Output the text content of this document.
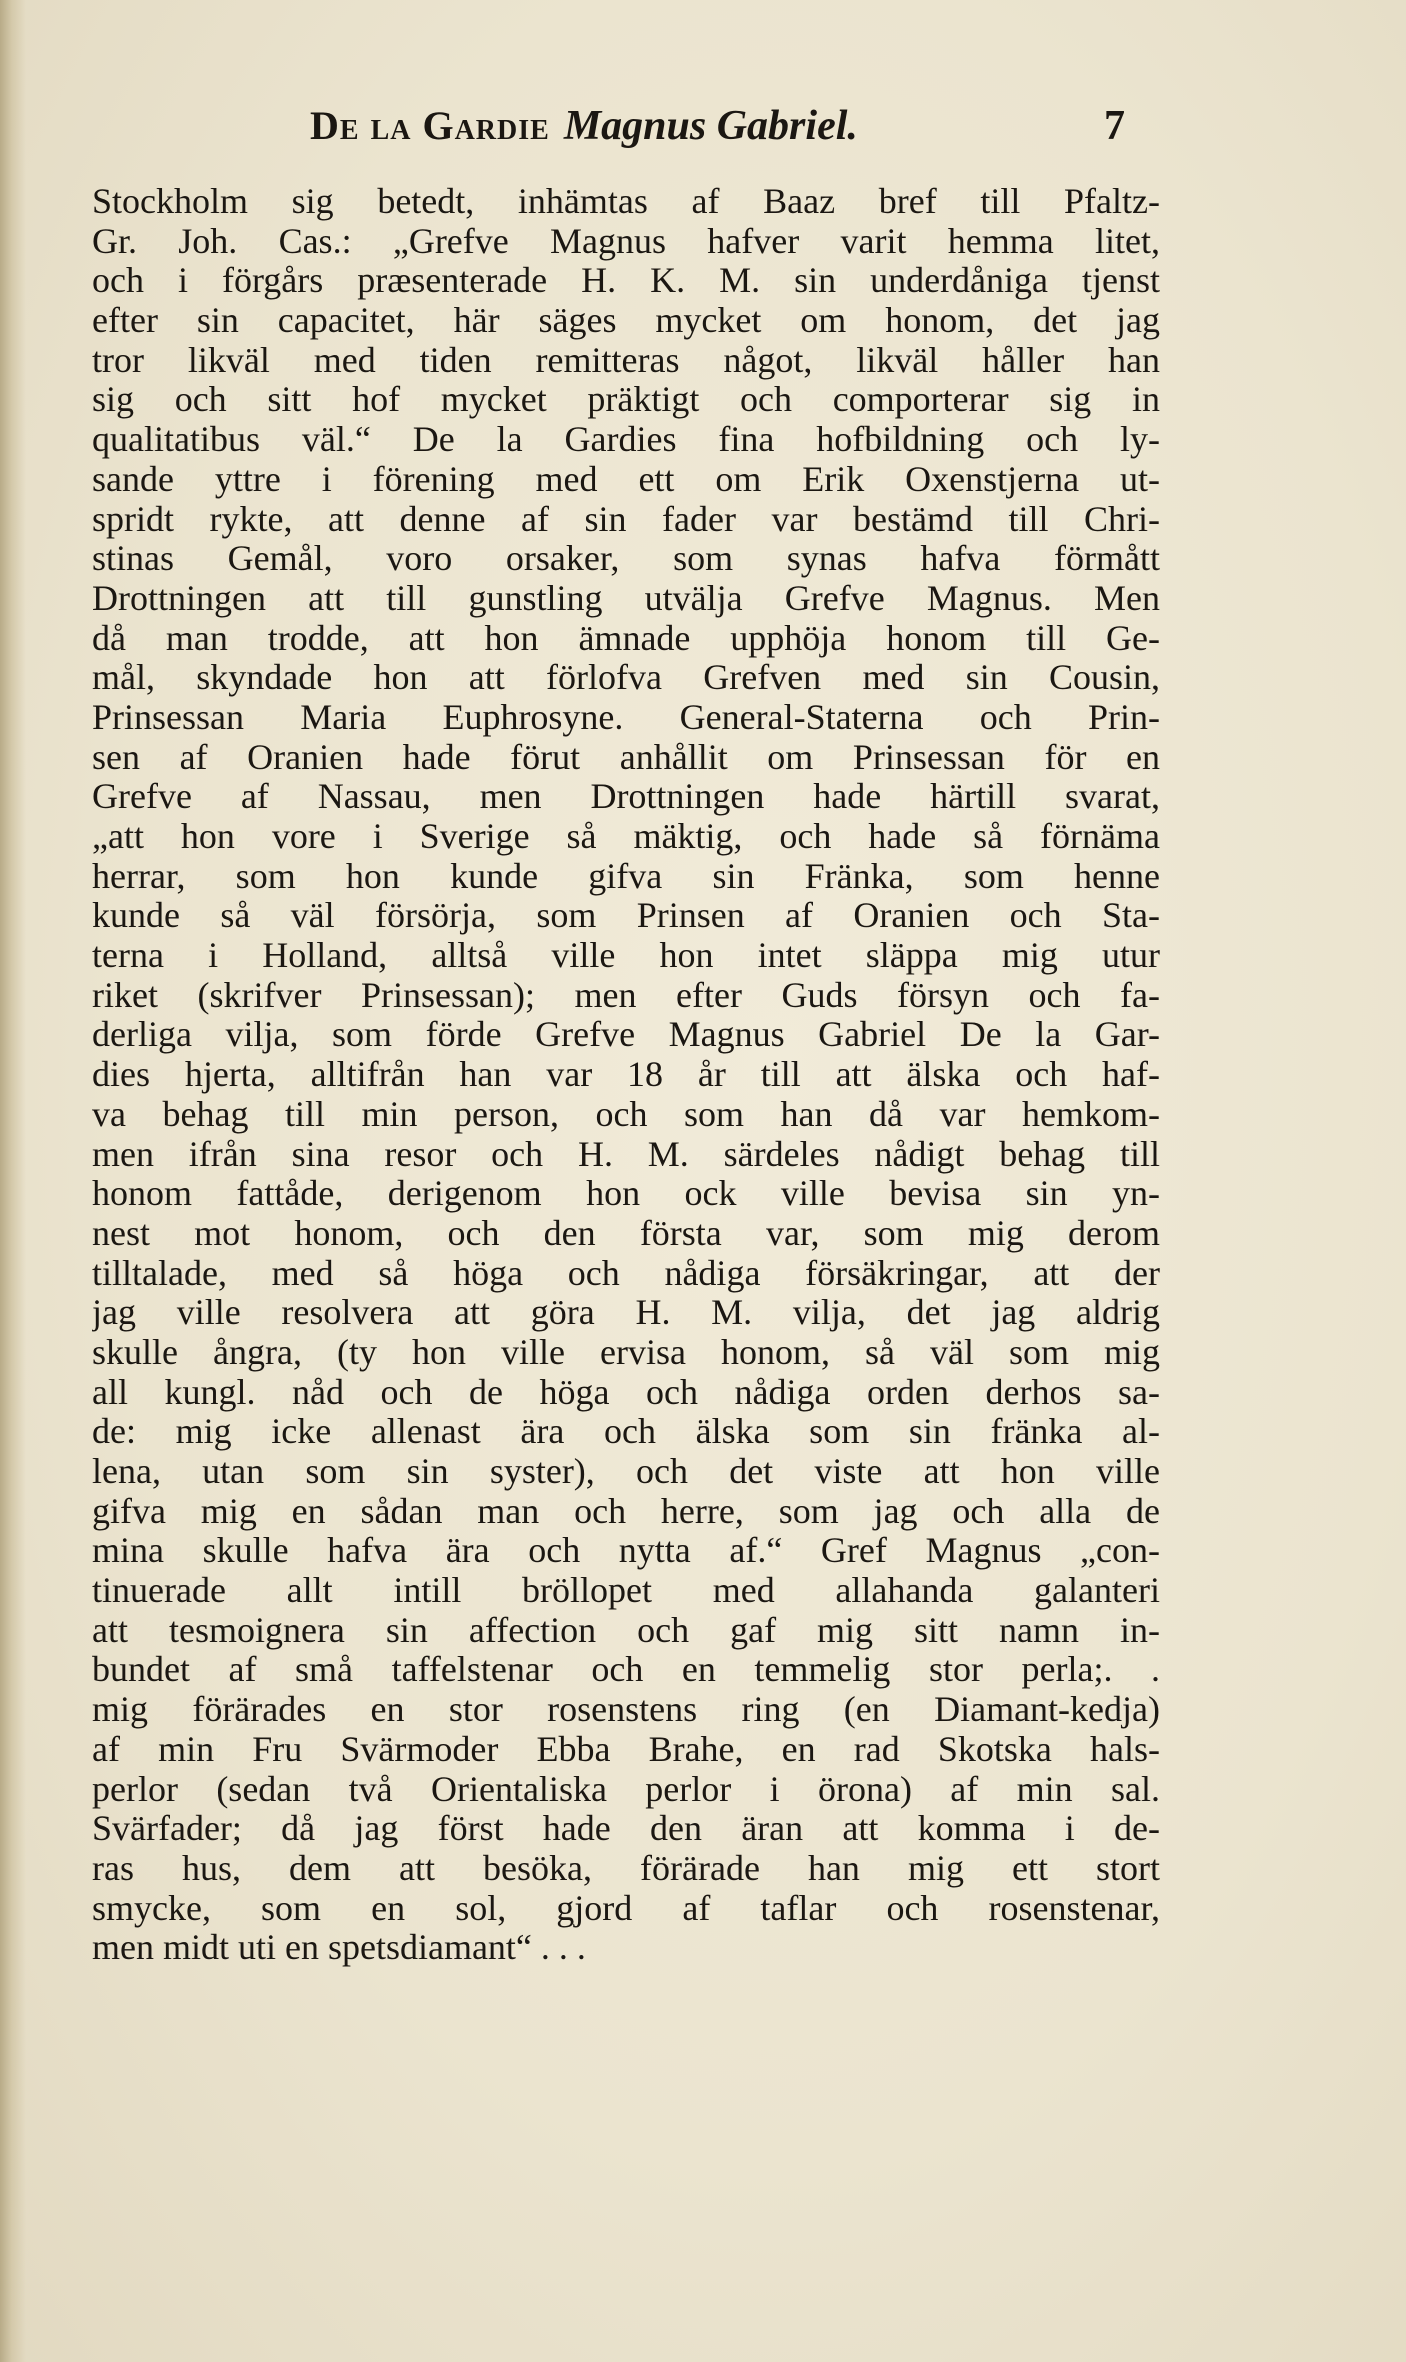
De la Gardie Magnus Gabriel.	7
Stockholm sig betedt, inhämtas af Baaz bref till Pfaltz-
Gr. Joh. Cas.: „Grefve Magnus hafver varit hemma litet,
och i förgårs præsenterade H. K. M. sin underdåniga tjenst
efter sin capacitet, här säges mycket om honom, det jag
tror likväl med tiden remitteras något, likväl håller han
sig och sitt hof mycket präktigt och comporterar sig in
qualitatibus väl.“ De la Gardies fina hofbildning och ly-
sande yttre i förening med ett om Erik Oxenstjerna ut-
spridt rykte, att denne af sin fader var bestämd till Chri-
stinas Gemål, voro orsaker, som synas hafva förmått
Drottningen att till gunstling utvälja Grefve Magnus. Men
då man trodde, att hon ämnade upphöja honom till Ge-
mål, skyndade hon att förlofva Grefven med sin Cousin,
Prinsessan Maria Euphrosyne. General-Staterna och Prin-
sen af Oranien hade förut anhållit om Prinsessan för en
Grefve af Nassau, men Drottningen hade härtill svarat,
„att hon vore i Sverige så mäktig, och hade så förnäma
herrar, som hon kunde gifva sin Fränka, som henne
kunde så väl försörja, som Prinsen af Oranien och Sta-
terna i Holland, alltså ville hon intet släppa mig utur
riket (skrifver Prinsessan); men efter Guds försyn och fa-
derliga vilja, som förde Grefve Magnus Gabriel De la Gar-
dies hjerta, alltifrån han var 18 år till att älska och haf-
va behag till min person, och som han då var hemkom-
men ifrån sina resor och H. M. särdeles nådigt behag till
honom fattåde, derigenom hon ock ville bevisa sin yn-
nest mot honom, och den första var, som mig derom
tilltalade, med så höga och nådiga försäkringar, att der
jag ville resolvera att göra H. M. vilja, det jag aldrig
skulle ångra, (ty hon ville ervisa honom, så väl som mig
all kungl. nåd och de höga och nådiga orden derhos sa-
de: mig icke allenast ära och älska som sin fränka al-
lena, utan som sin syster), och det viste att hon ville
gifva mig en sådan man och herre, som jag och alla de
mina skulle hafva ära och nytta af.“ Gref Magnus „con-
tinuerade allt intill bröllopet med allahanda galanteri
att tesmoignera sin affection och gaf mig sitt namn in-
bundet af små taffelstenar och en temmelig stor perla;. .
mig förärades en stor rosenstens ring (en Diamant-kedja)
af min Fru Svärmoder Ebba Brahe, en rad Skotska hals-
perlor (sedan två Orientaliska perlor i örona) af min sal.
Svärfader; då jag först hade den äran att komma i de-
ras hus, dem att besöka, förärade han mig ett stort
smycke, som en sol, gjord af taflar och rosenstenar,
men midt uti en spetsdiamant“ . . .
